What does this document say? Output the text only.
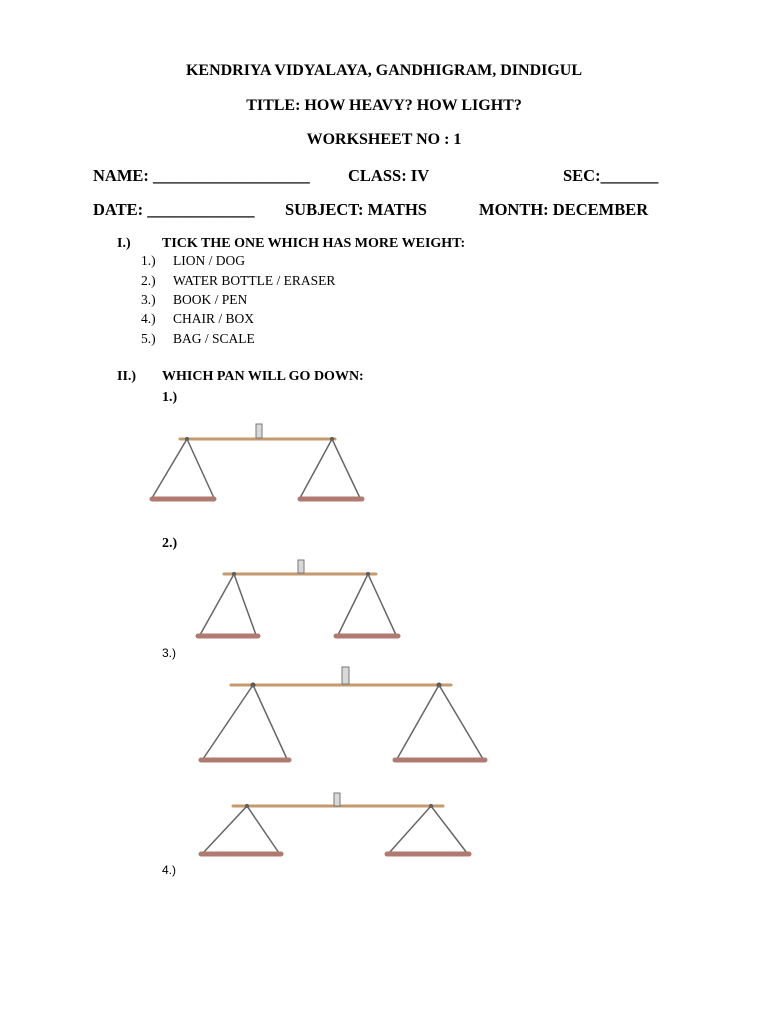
KENDRIYA VIDYALAYA, GANDHIGRAM, DINDIGUL
TITLE: HOW HEAVY? HOW LIGHT?
WORKSHEET NO : 1
NAME: ___________________ CLASS: IV	SEC:_______
DATE: _____________ SUBJECT: MATHS	MONTH: DECEMBER
I.) TICK THE ONE WHICH HAS MORE WEIGHT:
1.) LION / DOG
2.) WATER BOTTLE / ERASER
3.) BOOK / PEN
4.) CHAIR / BOX
5.) BAG / SCALE
II.) WHICH PAN WILL GO DOWN:
1.)
2.)
3.)
4.)
